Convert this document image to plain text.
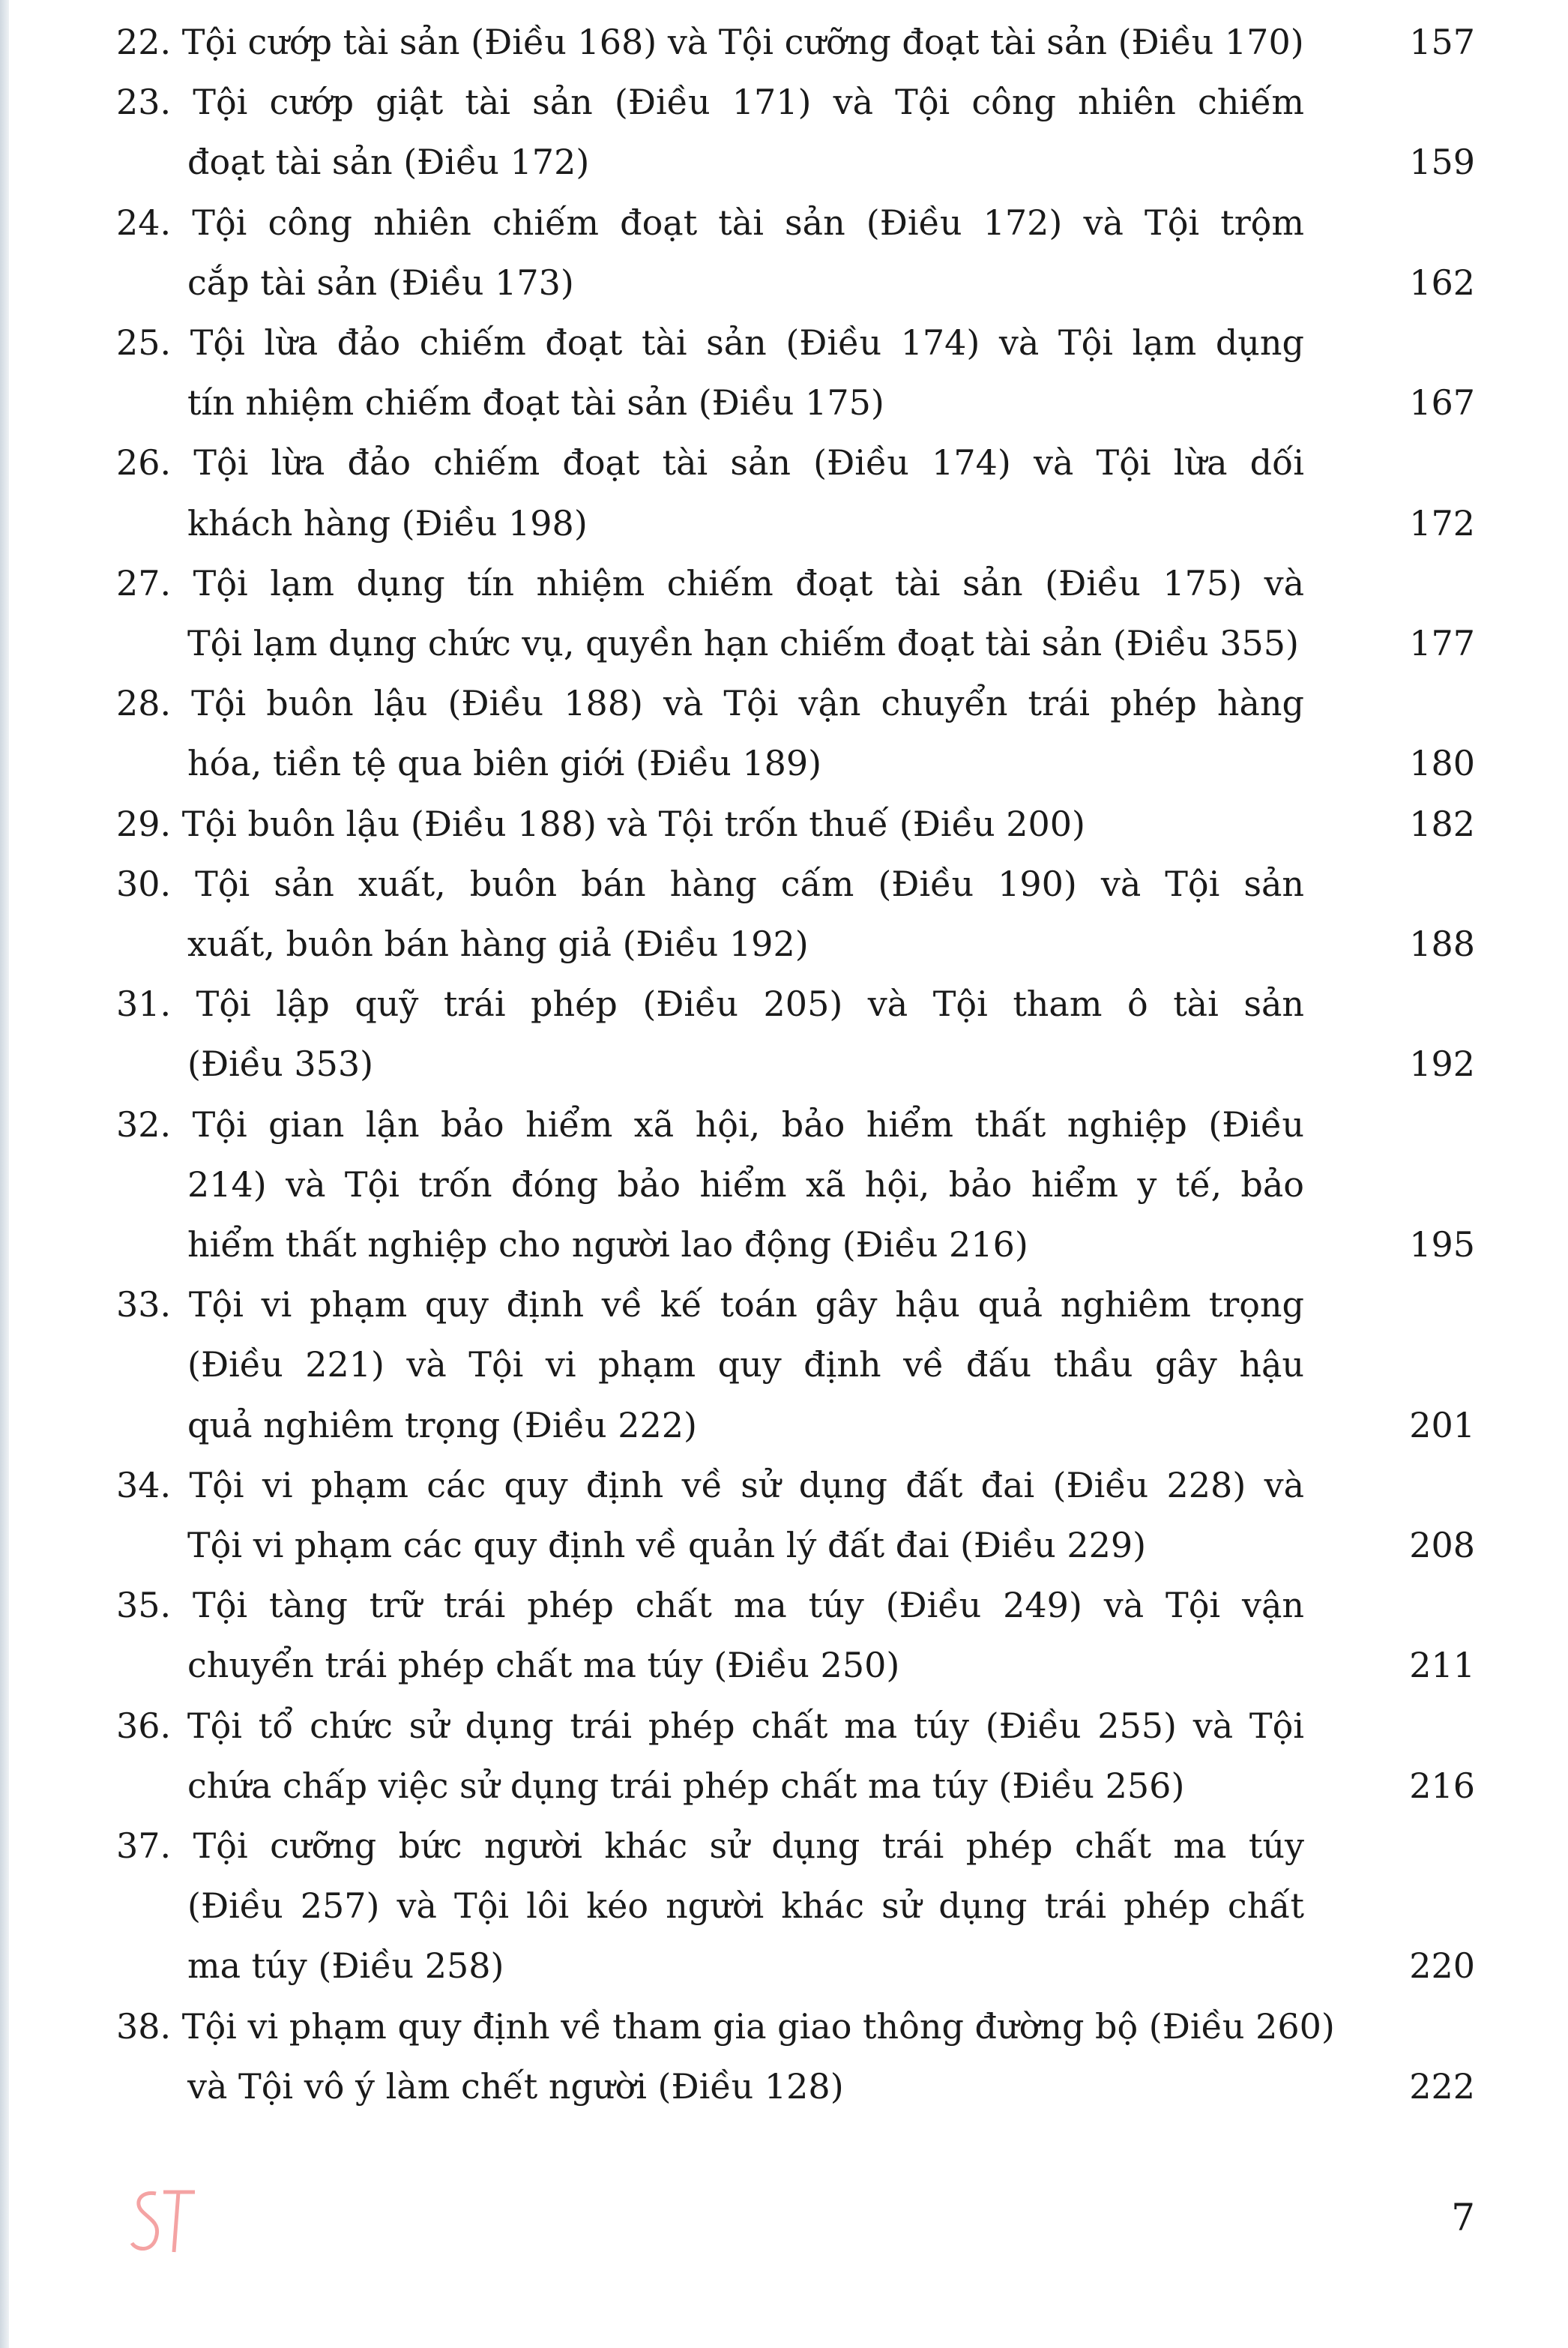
22. Tội cướp tài sản (Điều 168) và Tội cưỡng đoạt tài sản (Điều 170)	157
23. Tội cướp giật tài sản (Điều 171) và Tội công nhiên chiếm
đoạt tài sản (Điều 172)	159
24. Tội công nhiên chiếm đoạt tài sản (Điều 172) và Tội trộm
cắp tài sản (Điều 173)	162
25. Tội lừa đảo chiếm đoạt tài sản (Điều 174) và Tội lạm dụng
tín nhiệm chiếm đoạt tài sản (Điều 175)	167
26. Tội lừa đảo chiếm đoạt tài sản (Điều 174) và Tội lừa dối
khách hàng (Điều 198)	172
27. Tội lạm dụng tín nhiệm chiếm đoạt tài sản (Điều 175) và
Tội lạm dụng chức vụ, quyền hạn chiếm đoạt tài sản (Điều 355)	177
28. Tội buôn lậu (Điều 188) và Tội vận chuyển trái phép hàng
hóa, tiền tệ qua biên giới (Điều 189)	180
29. Tội buôn lậu (Điều 188) và Tội trốn thuế (Điều 200)	182
30. Tội sản xuất, buôn bán hàng cấm (Điều 190) và Tội sản
xuất, buôn bán hàng giả (Điều 192)	188
31. Tội lập quỹ trái phép (Điều 205) và Tội tham ô tài sản
(Điều 353)	192
32. Tội gian lận bảo hiểm xã hội, bảo hiểm thất nghiệp (Điều
214) và Tội trốn đóng bảo hiểm xã hội, bảo hiểm y tế, bảo
hiểm thất nghiệp cho người lao động (Điều 216)	195
33. Tội vi phạm quy định về kế toán gây hậu quả nghiêm trọng
(Điều 221) và Tội vi phạm quy định về đấu thầu gây hậu
quả nghiêm trọng (Điều 222)	201
34. Tội vi phạm các quy định về sử dụng đất đai (Điều 228) và
Tội vi phạm các quy định về quản lý đất đai (Điều 229)	208
35. Tội tàng trữ trái phép chất ma túy (Điều 249) và Tội vận
chuyển trái phép chất ma túy (Điều 250)	211
36. Tội tổ chức sử dụng trái phép chất ma túy (Điều 255) và Tội
chứa chấp việc sử dụng trái phép chất ma túy (Điều 256)	216
37. Tội cưỡng bức người khác sử dụng trái phép chất ma túy
(Điều 257) và Tội lôi kéo người khác sử dụng trái phép chất
ma túy (Điều 258)	220
38. Tội vi phạm quy định về tham gia giao thông đường bộ (Điều 260)
và Tội vô ý làm chết người (Điều 128)	222
7
